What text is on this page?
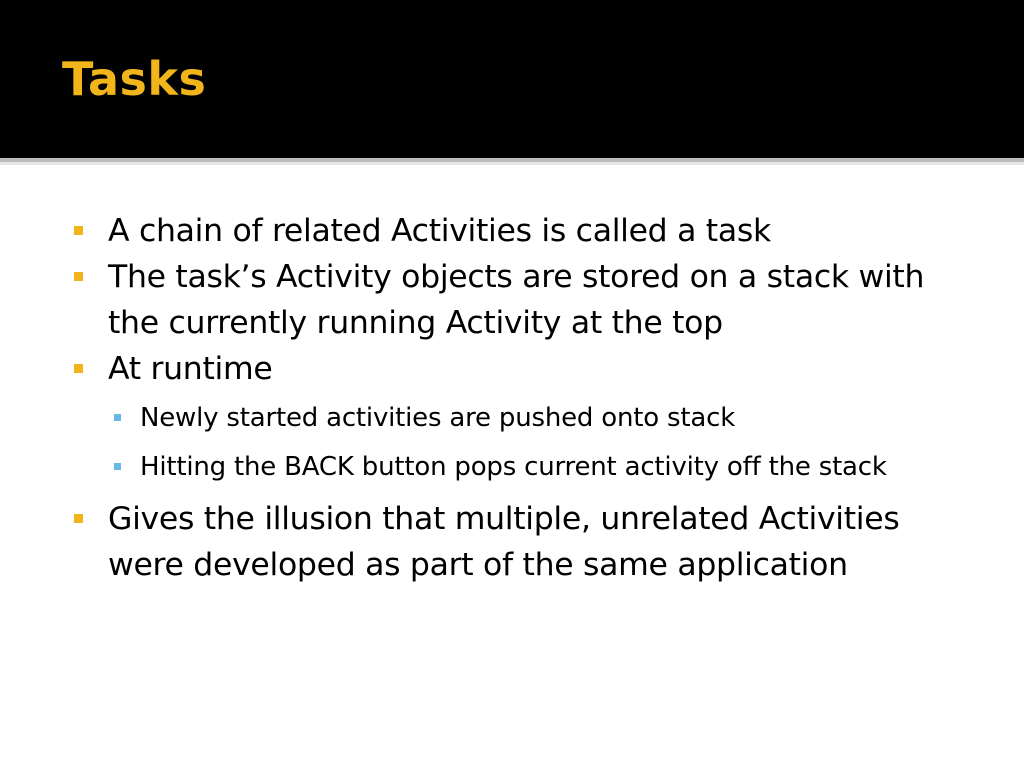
Tasks
A chain of related Activities is called a task
The task’s Activity objects are stored on a stack with the currently running Activity at the top
At runtime
Newly started activities are pushed onto stack
Hitting the BACK button pops current activity off the stack
Gives the illusion that multiple, unrelated Activities were developed as part of the same application
